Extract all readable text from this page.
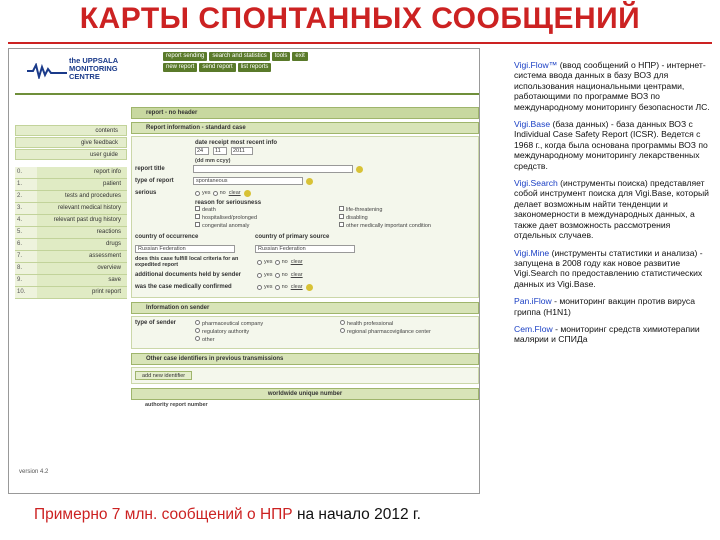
КАРТЫ СПОНТАННЫХ СООБЩЕНИЙ
the UPPSALA
MONITORING
CENTRE
report sending	search and statistics	tools	exit
new report	send report	list reports
contents
give feedback
user guide
0.	report info
1.	patient
2.	tests and procedures
3.	relevant medical history
4.	relevant past drug history
5.	reactions
6.	drugs
7.	assessment
8.	overview
9.	save
10.	print report
version 4.2
report - no header
Report information - standard case
date receipt most recent info
24	11	2011
(dd mm ccyy)
report title
type of report	spontaneous
serious	yes no clear
reason for seriousness
death	life-threatening
hospitalised/prolonged	disabling
congenital anomaly	other medically important condition
country of occurrence	country of primary source
Russian Federation	Russian Federation
does this case fulfill local criteria for an expedited report	yes no clear
additional documents held by sender	yes no clear
was the case medically confirmed	yes no clear
Information on sender
type of sender	pharmaceutical company	health professional
regulatory authority	regional pharmacovigilance center
other
Other case identifiers in previous transmissions
add new identifier
worldwide unique number
authority report number

Vigi.Flow™ (ввод сообщений о НПР) - интернет-система ввода данных в базу ВОЗ для использования национальными центрами, работающими по программе ВОЗ по международному мониторингу безопасности ЛС.

Vigi.Base (база данных) - база данных ВОЗ с Individual Case Safety Report (ICSR). Ведется с 1968 г., когда была основана программы ВОЗ по международному мониторингу лекарственных средств.

Vigi.Search (инструменты поиска) представляет собой инструмент поиска для Vigi.Base, который делает возможным найти тенденции и закономерности в международных данных, а также дает возможность рассмотрения отдельных случаев.

Vigi.Mine (инструменты статистики и анализа) - запущена в 2008 году как новое развитие Vigi.Search по предоставлению статистических данных из Vigi.Base.

Pan.iFlow - мониторинг вакцин против вируса гриппа (H1N1)

Cem.Flow - мониторинг средств химиотерапии малярии и СПИДа

Примерно 7 млн. сообщений о НПР на начало 2012 г.
